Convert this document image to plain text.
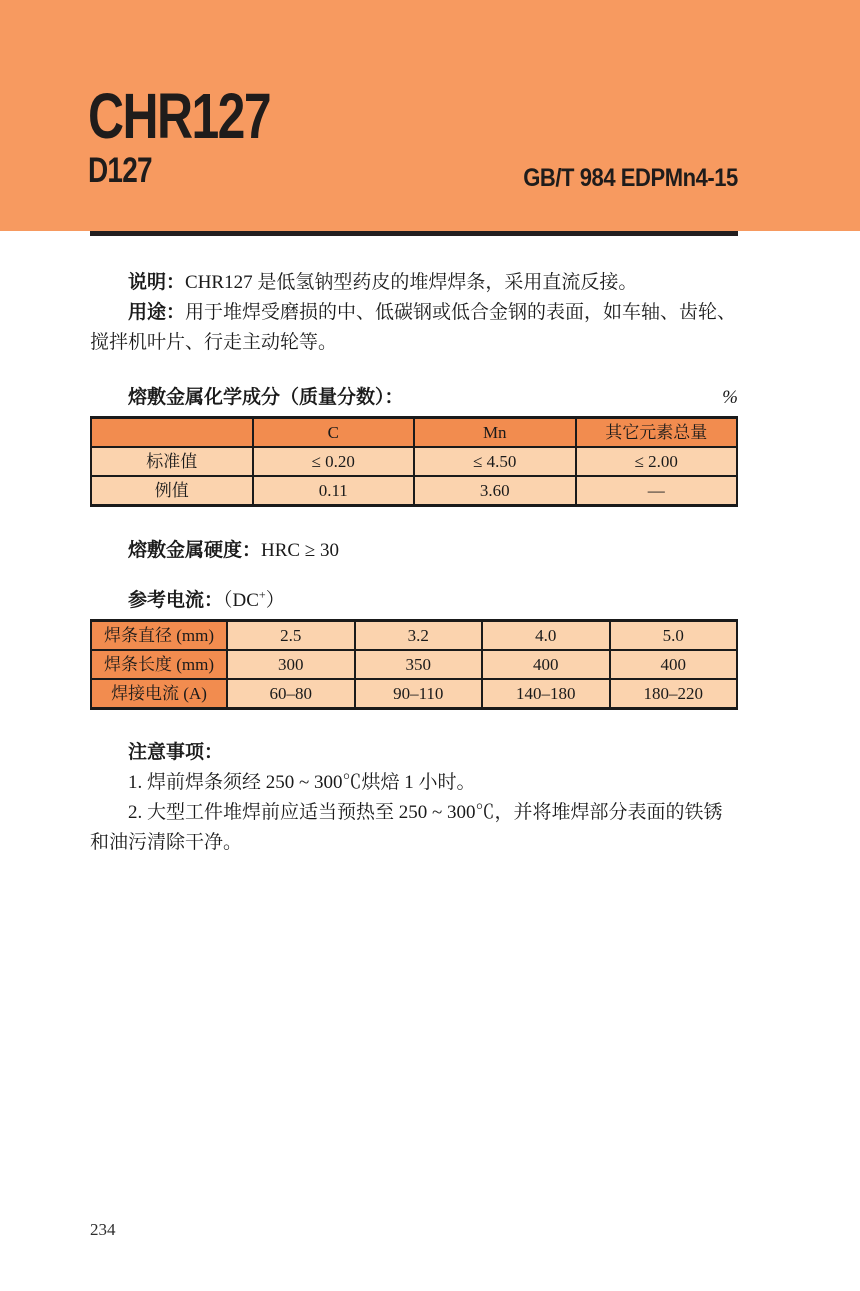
CHR127
D127	GB/T 984 EDPMn4-15
说明：CHR127 是低氢钠型药皮的堆焊焊条，采用直流反接。
用途：用于堆焊受磨损的中、低碳钢或低合金钢的表面，如车轴、齿轮、
搅拌机叶片、行走主动轮等。
熔敷金属化学成分（质量分数）：	%
	C	Mn	其它元素总量
标准值	≤ 0.20	≤ 4.50	≤ 2.00
例值	0.11	3.60	—
熔敷金属硬度：HRC ≥ 30
参考电流：（DC+）
焊条直径 (mm)	2.5	3.2	4.0	5.0
焊条长度 (mm)	300	350	400	400
焊接电流 (A)	60–80	90–110	140–180	180–220
注意事项：
1. 焊前焊条须经 250 ~ 300℃烘焙 1 小时。
2. 大型工件堆焊前应适当预热至 250 ~ 300℃，并将堆焊部分表面的铁锈
和油污清除干净。
234
